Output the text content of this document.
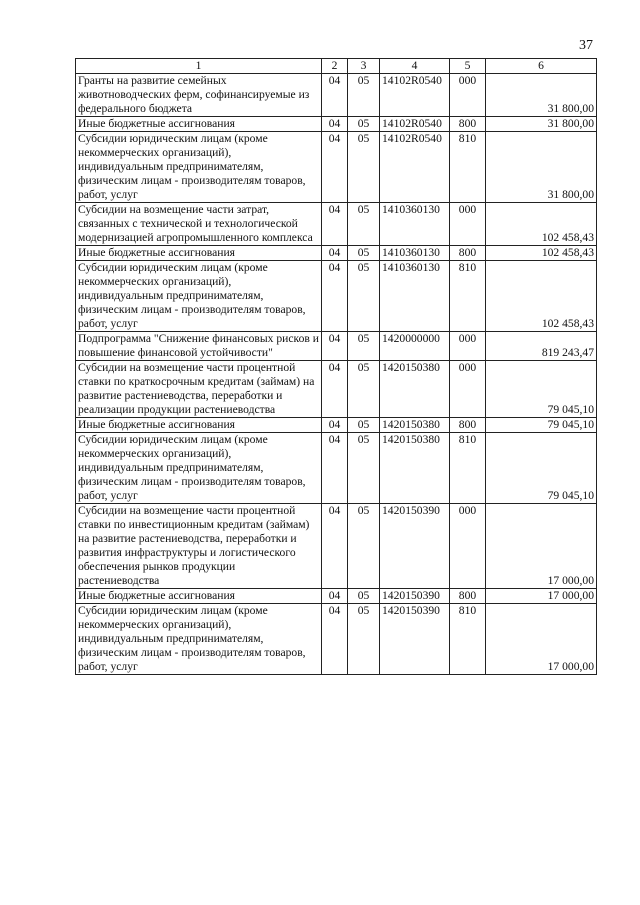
37
1	2	3	4	5	6
Гранты на развитие семейных животноводческих ферм, софинансируемые из федерального бюджета	04	05	14102R0540	000	31 800,00
Иные бюджетные ассигнования	04	05	14102R0540	800	31 800,00
Субсидии юридическим лицам (кроме некоммерческих организаций), индивидуальным предпринимателям, физическим лицам - производителям товаров, работ, услуг	04	05	14102R0540	810	31 800,00
Субсидии на возмещение части затрат, связанных с технической и технологической модернизацией агропромышленного комплекса	04	05	1410360130	000	102 458,43
Иные бюджетные ассигнования	04	05	1410360130	800	102 458,43
Субсидии юридическим лицам (кроме некоммерческих организаций), индивидуальным предпринимателям, физическим лицам - производителям товаров, работ, услуг	04	05	1410360130	810	102 458,43
Подпрограмма "Снижение финансовых рисков и повышение финансовой устойчивости"	04	05	1420000000	000	819 243,47
Субсидии на возмещение части процентной ставки по краткосрочным кредитам (займам) на развитие растениеводства, переработки и реализации продукции растениеводства	04	05	1420150380	000	79 045,10
Иные бюджетные ассигнования	04	05	1420150380	800	79 045,10
Субсидии юридическим лицам (кроме некоммерческих организаций), индивидуальным предпринимателям, физическим лицам - производителям товаров, работ, услуг	04	05	1420150380	810	79 045,10
Субсидии на возмещение части процентной ставки по инвестиционным кредитам (займам) на развитие растениеводства, переработки и развития инфраструктуры и логистического обеспечения рынков продукции растениеводства	04	05	1420150390	000	17 000,00
Иные бюджетные ассигнования	04	05	1420150390	800	17 000,00
Субсидии юридическим лицам (кроме некоммерческих организаций), индивидуальным предпринимателям, физическим лицам - производителям товаров, работ, услуг	04	05	1420150390	810	17 000,00
